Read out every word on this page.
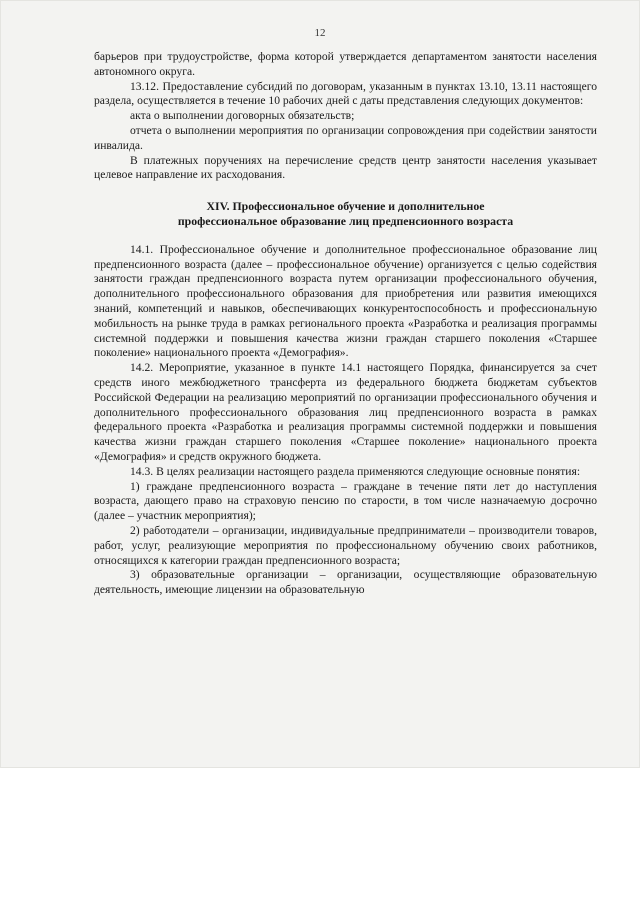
12

барьеров при трудоустройстве, форма которой утверждается департаментом занятости населения автономного округа.

13.12. Предоставление субсидий по договорам, указанным в пунктах 13.10, 13.11 настоящего раздела, осуществляется в течение 10 рабочих дней с даты представления следующих документов:

акта о выполнении договорных обязательств;

отчета о выполнении мероприятия по организации сопровождения при содействии занятости инвалида.

В платежных поручениях на перечисление средств центр занятости населения указывает целевое направление их расходования.

XIV. Профессиональное обучение и дополнительное
профессиональное образование лиц предпенсионного возраста

14.1. Профессиональное обучение и дополнительное профессиональное образование лиц предпенсионного возраста (далее – профессиональное обучение) организуется с целью содействия занятости граждан предпенсионного возраста путем организации профессионального обучения, дополнительного профессионального образования для приобретения или развития имеющихся знаний, компетенций и навыков, обеспечивающих конкурентоспособность и профессиональную мобильность на рынке труда в рамках регионального проекта «Разработка и реализация программы системной поддержки и повышения качества жизни граждан старшего поколения «Старшее поколение» национального проекта «Демография».

14.2. Мероприятие, указанное в пункте 14.1 настоящего Порядка, финансируется за счет средств иного межбюджетного трансферта из федерального бюджета бюджетам субъектов Российской Федерации на реализацию мероприятий по организации профессионального обучения и дополнительного профессионального образования лиц предпенсионного возраста в рамках федерального проекта «Разработка и реализация программы системной поддержки и повышения качества жизни граждан старшего поколения «Старшее поколение» национального проекта «Демография» и средств окружного бюджета.

14.3. В целях реализации настоящего раздела применяются следующие основные понятия:

1) граждане предпенсионного возраста – граждане в течение пяти лет до наступления возраста, дающего право на страховую пенсию по старости, в том числе назначаемую досрочно (далее – участник мероприятия);

2) работодатели – организации, индивидуальные предприниматели – производители товаров, работ, услуг, реализующие мероприятия по профессиональному обучению своих работников, относящихся к категории граждан предпенсионного возраста;

3) образовательные организации – организации, осуществляющие образовательную деятельность, имеющие лицензии на образовательную
